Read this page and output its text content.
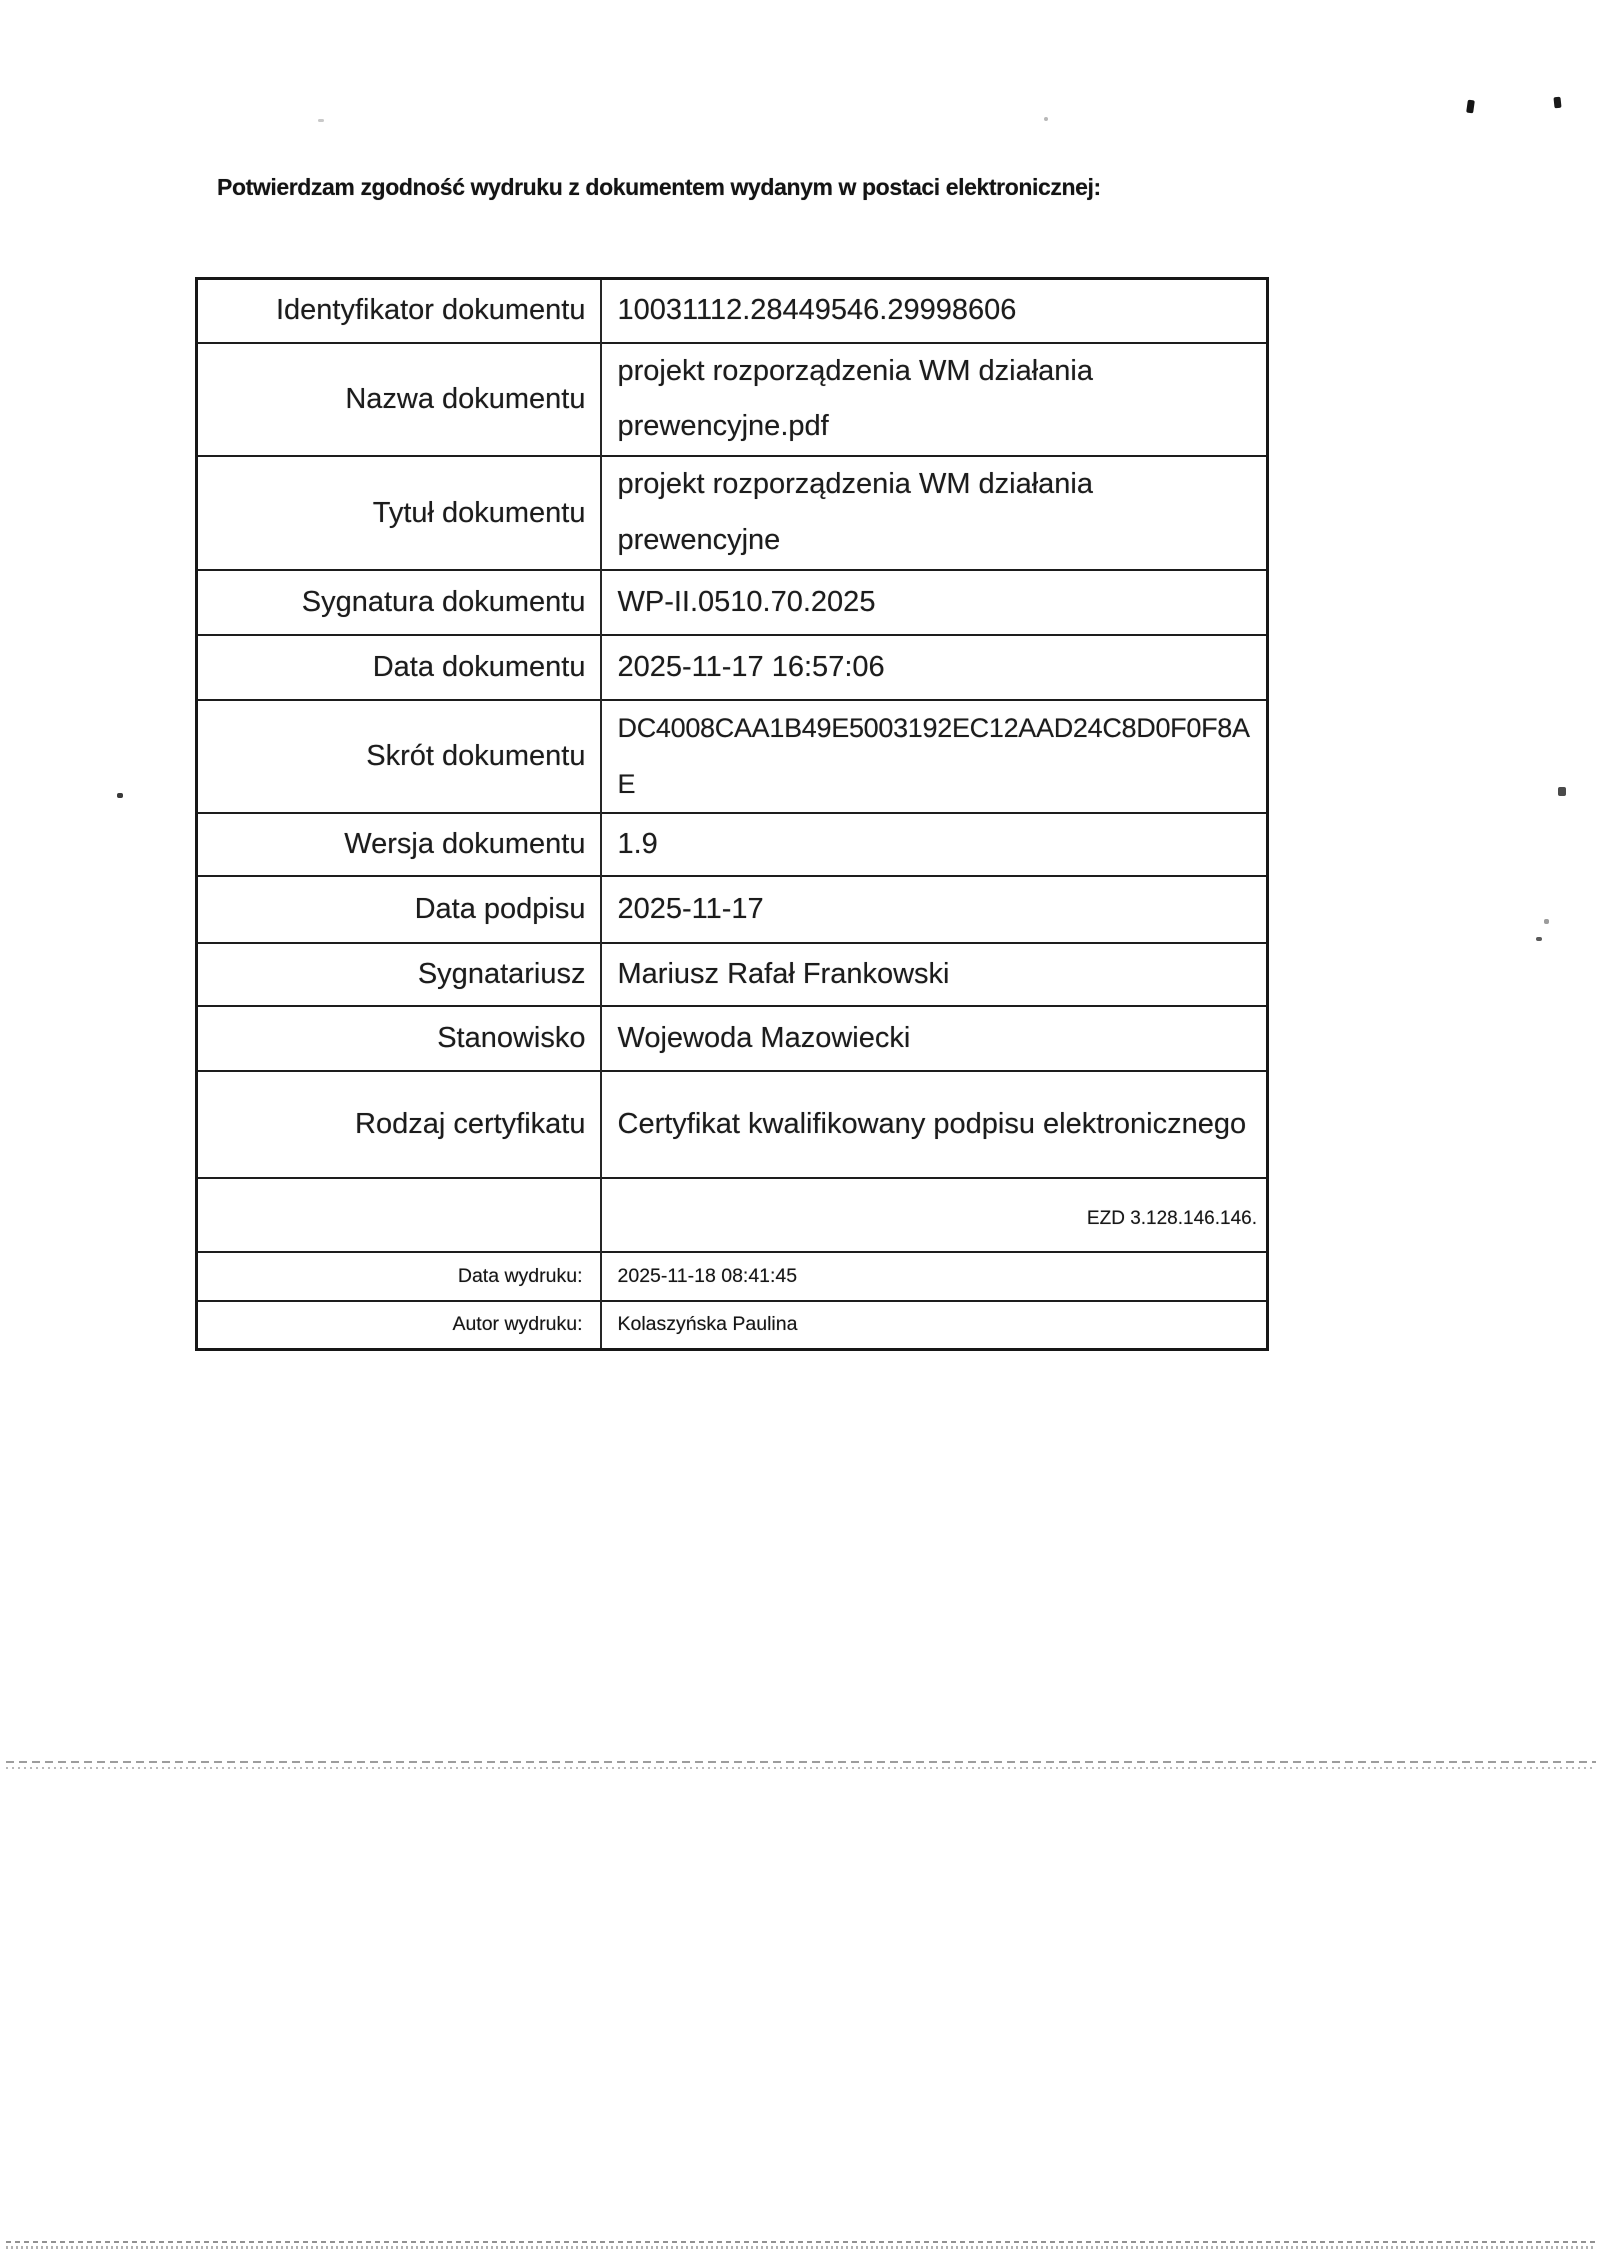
Potwierdzam zgodność wydruku z dokumentem wydanym w postaci elektronicznej:
Identyfikator dokumentu	10031112.28449546.29998606
Nazwa dokumentu	projekt rozporządzenia WM działania prewencyjne.pdf
Tytuł dokumentu	projekt rozporządzenia WM działania prewencyjne
Sygnatura dokumentu	WP-II.0510.70.2025
Data dokumentu	2025-11-17 16:57:06
Skrót dokumentu	DC4008CAA1B49E5003192EC12AAD24C8D0F0F8AE
Wersja dokumentu	1.9
Data podpisu	2025-11-17
Sygnatariusz	Mariusz Rafał Frankowski
Stanowisko	Wojewoda Mazowiecki
Rodzaj certyfikatu	Certyfikat kwalifikowany podpisu elektronicznego
	EZD 3.128.146.146.
Data wydruku:	2025-11-18 08:41:45
Autor wydruku:	Kolaszyńska Paulina
